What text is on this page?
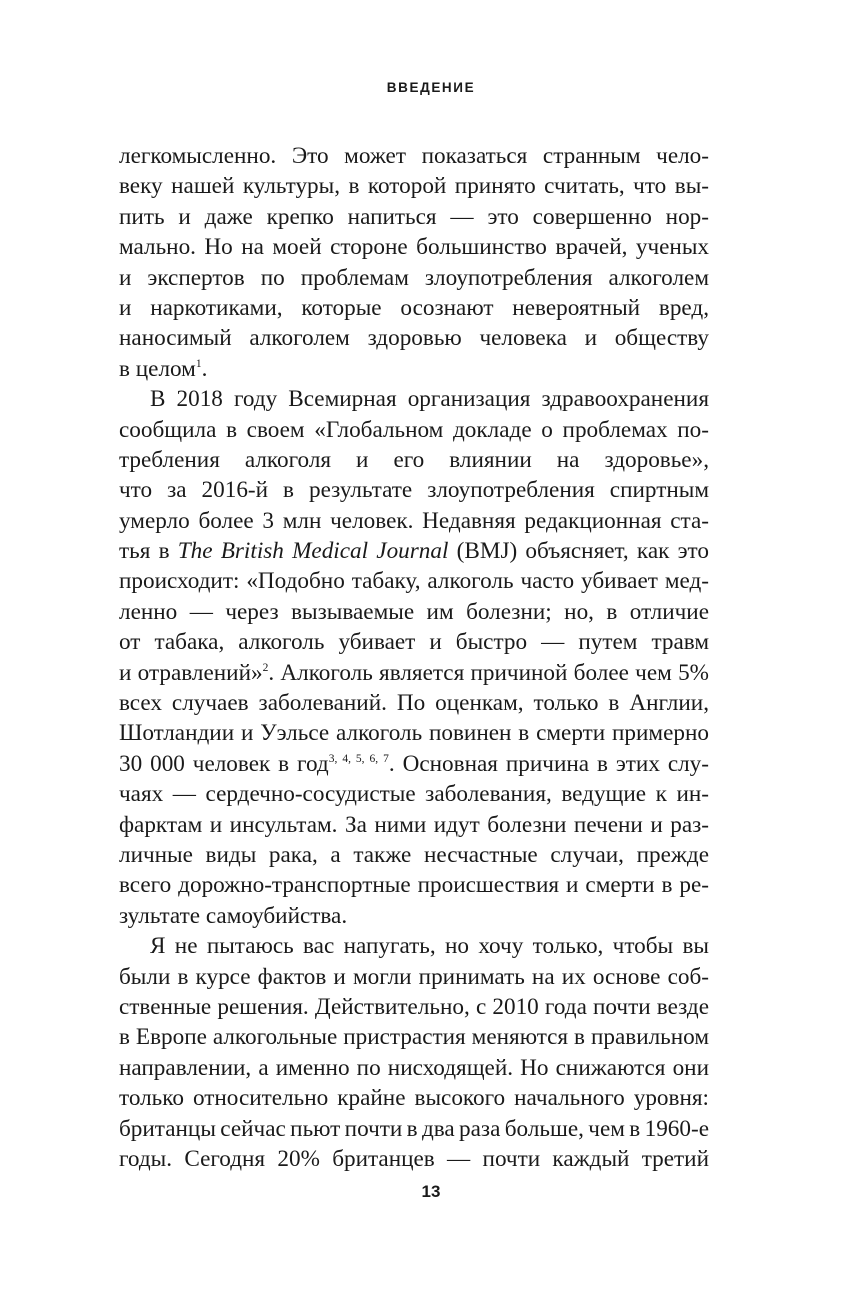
ВВЕДЕНИЕ
легкомысленно. Это может показаться странным чело-
веку нашей культуры, в которой принято считать, что вы-
пить и даже крепко напиться — это совершенно нор-
мально. Но на моей стороне большинство врачей, ученых
и экспертов по проблемам злоупотребления алкоголем
и наркотиками, которые осознают невероятный вред,
наносимый алкоголем здоровью человека и обществу
в целом$^1$.
В 2018 году Всемирная организация здравоохранения
сообщила в своем «Глобальном докладе о проблемах по-
требления алкоголя и его влиянии на здоровье»,
что за 2016-й в результате злоупотребления спиртным
умерло более 3 млн человек. Недавняя редакционная ста-
тья в The British Medical Journal (BMJ) объясняет, как это
происходит: «Подобно табаку, алкоголь часто убивает мед-
ленно — через вызываемые им болезни; но, в отличие
от табака, алкоголь убивает и быстро — путем травм
и отравлений»$^2$. Алкоголь является причиной более чем 5%
всех случаев заболеваний. По оценкам, только в Англии,
Шотландии и Уэльсе алкоголь повинен в смерти примерно
30 000 человек в год$^{3, 4, 5, 6, 7}$. Основная причина в этих слу-
чаях — сердечно-сосудистые заболевания, ведущие к ин-
фарктам и инсультам. За ними идут болезни печени и раз-
личные виды рака, а также несчастные случаи, прежде
всего дорожно-транспортные происшествия и смерти в ре-
зультате самоубийства.
Я не пытаюсь вас напугать, но хочу только, чтобы вы
были в курсе фактов и могли принимать на их основе соб-
ственные решения. Действительно, с 2010 года почти везде
в Европе алкогольные пристрастия меняются в правильном
направлении, а именно по нисходящей. Но снижаются они
только относительно крайне высокого начального уровня:
британцы сейчас пьют почти в два раза больше, чем в 1960-е
годы. Сегодня 20% британцев — почти каждый третий
13
